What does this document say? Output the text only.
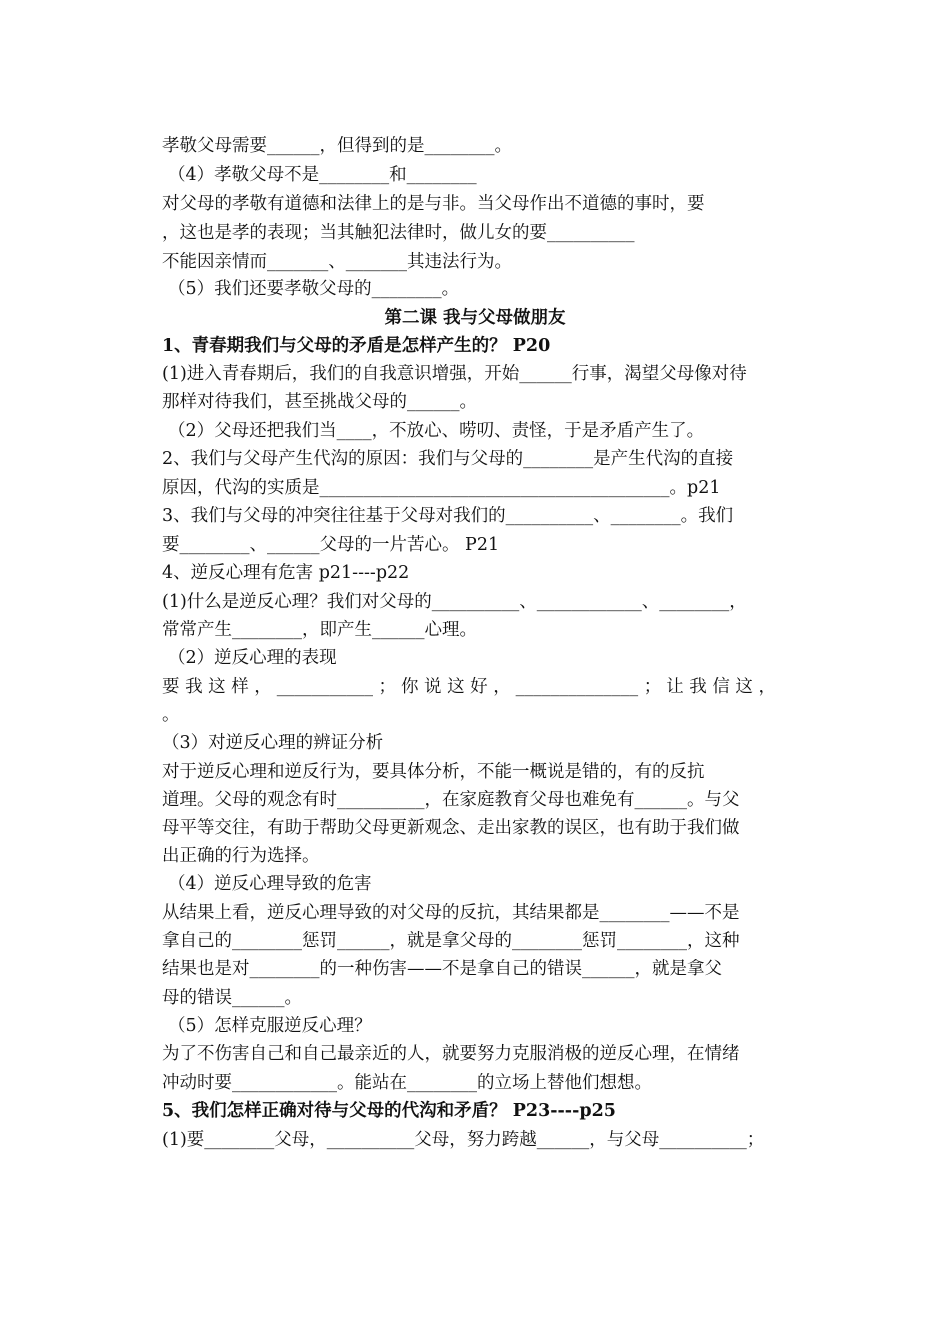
孝敬父母需要______，但得到的是________。
（4）孝敬父母不是________和________
对父母的孝敬有道德和法律上的是与非。当父母作出不道德的事时，要
，这也是孝的表现；当其触犯法律时，做儿女的要__________
不能因亲情而_______、_______其违法行为。
（5）我们还要孝敬父母的________。
第二课 我与父母做朋友
1、青春期我们与父母的矛盾是怎样产生的？ P20
(1)进入青春期后，我们的自我意识增强，开始______行事，渴望父母像对待
那样对待我们，甚至挑战父母的______。
（2）父母还把我们当____，不放心、唠叨、责怪，于是矛盾产生了。
2、我们与父母产生代沟的原因：我们与父母的________是产生代沟的直接
原因，代沟的实质是________________________________________。p21
3、我们与父母的冲突往往基于父母对我们的__________、________。我们
要________、______父母的一片苦心。 P21
4、逆反心理有危害 p21----p22
(1)什么是逆反心理？我们对父母的__________、____________、________，
常常产生________，即产生______心理。
（2）逆反心理的表现
要 我 这 样 ， ___________ ； 你 说 这 好 ， ______________ ； 让 我 信 这 ，
。
（3）对逆反心理的辨证分析
对于逆反心理和逆反行为，要具体分析，不能一概说是错的，有的反抗
道理。父母的观念有时__________，在家庭教育父母也难免有______。与父
母平等交往，有助于帮助父母更新观念、走出家教的误区，也有助于我们做
出正确的行为选择。
（4）逆反心理导致的危害
从结果上看，逆反心理导致的对父母的反抗，其结果都是________——不是
拿自己的________惩罚______，就是拿父母的________惩罚________，这种
结果也是对________的一种伤害——不是拿自己的错误______，就是拿父
母的错误______。
（5）怎样克服逆反心理？
为了不伤害自己和自己最亲近的人，就要努力克服消极的逆反心理，在情绪
冲动时要____________。能站在________的立场上替他们想想。
5、我们怎样正确对待与父母的代沟和矛盾？ P23----p25
(1)要________父母，__________父母，努力跨越______，与父母__________；
